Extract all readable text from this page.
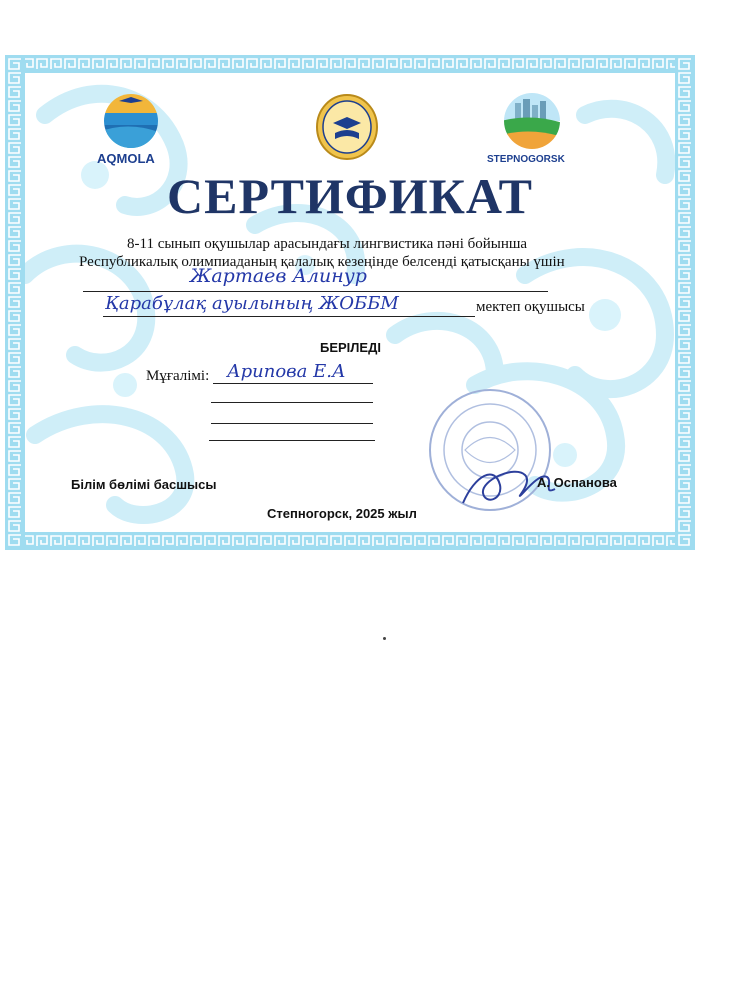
AQMOLA	STEPNOGORSK
СЕРТИФИКАТ
8-11 сынып оқушылар арасындағы лингвистика пәні бойынша
Республикалық олимпиаданың қалалық кезеңінде белсенді қатысқаны үшін
Жартаев Алинур
Қарабұлақ ауылының ЖОББМ	мектеп оқушысы
БЕРІЛЕДІ
Мұғалімі: Арипова Е.А
Білім бөлімі басшысы	А. Оспанова
Степногорск, 2025 жыл
